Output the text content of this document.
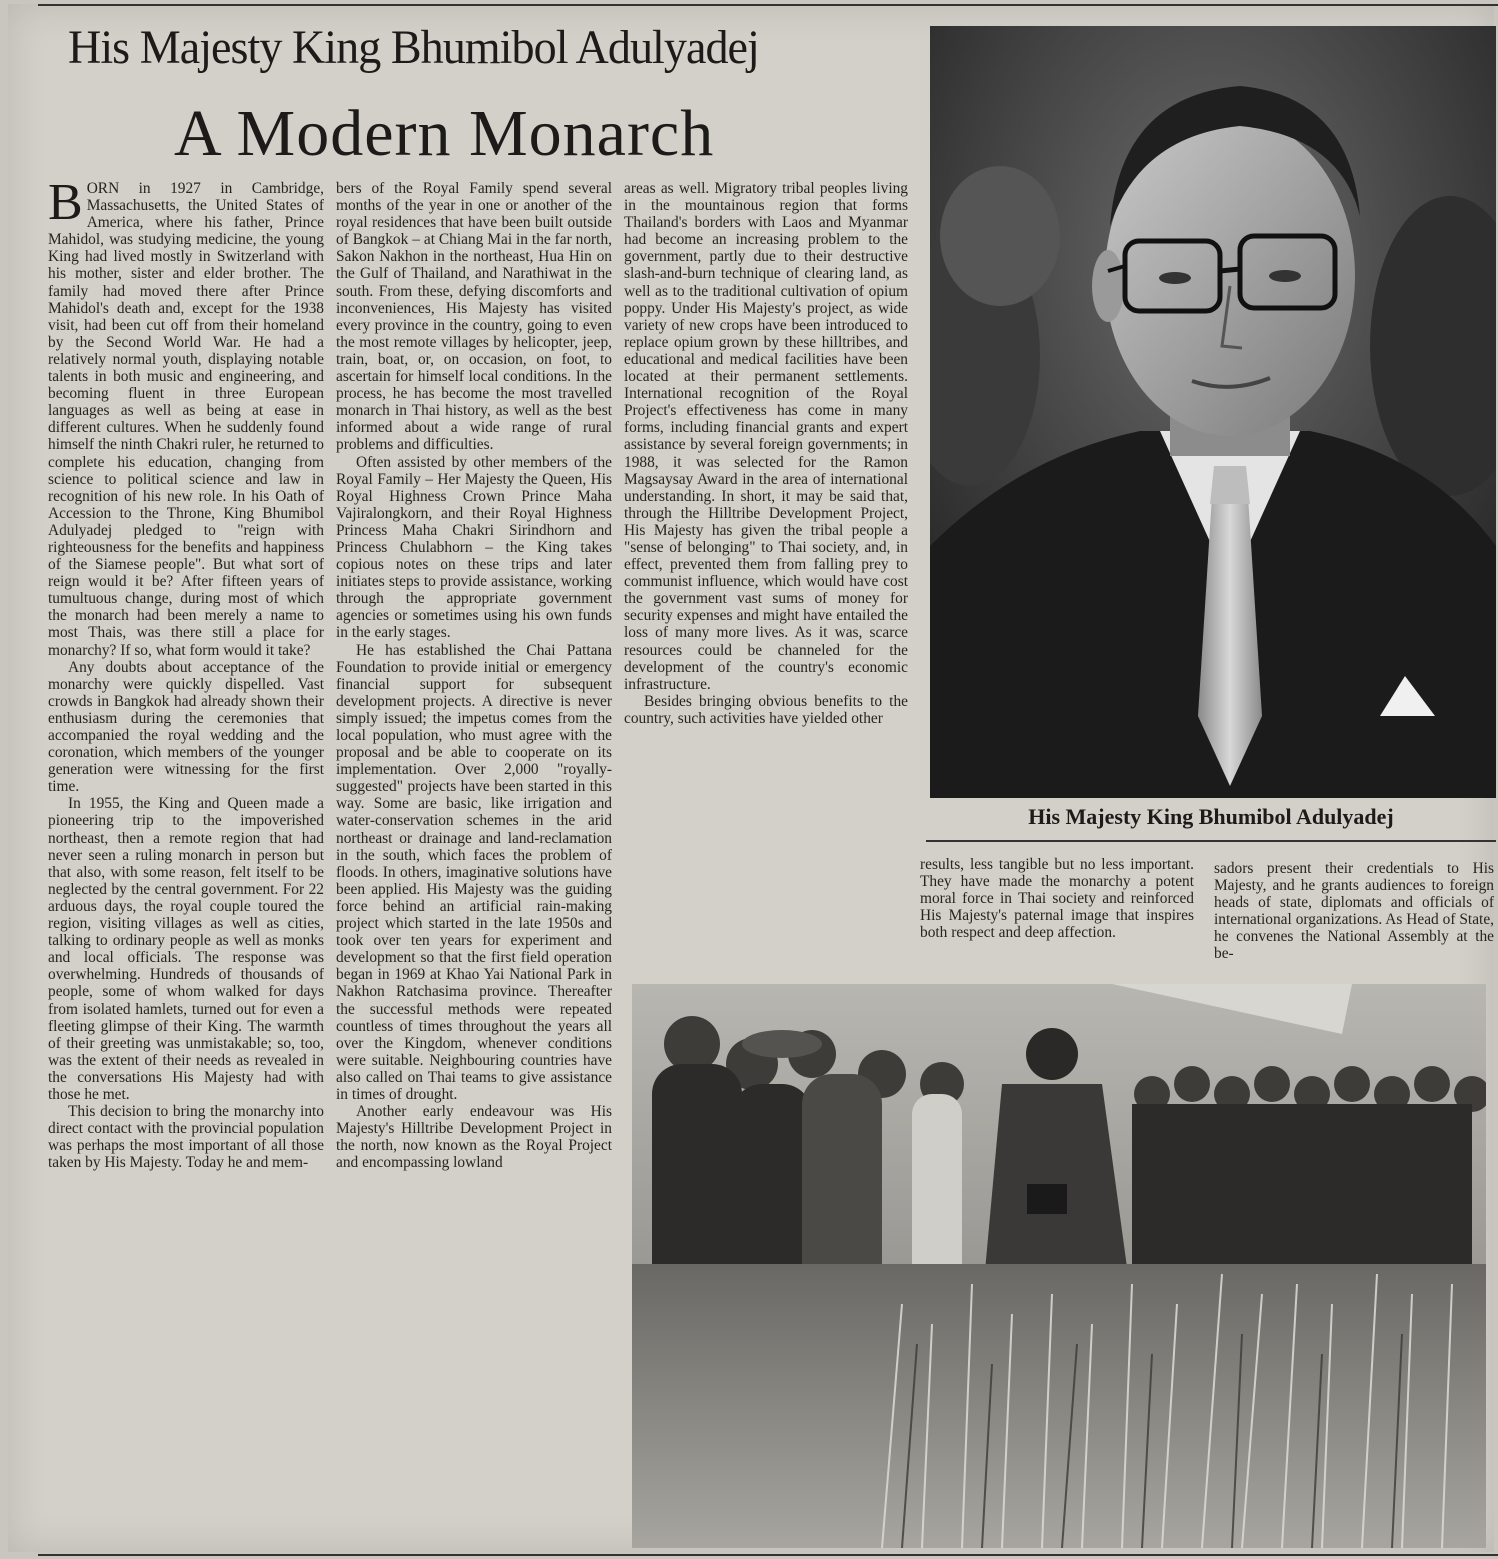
His Majesty King Bhumibol Adulyadej
A Modern Monarch

BORN in 1927 in Cambridge, Massachusetts, the United States of America, where his father, Prince Mahidol, was studying medicine, the young King had lived mostly in Switzerland with his mother, sister and elder brother. The family had moved there after Prince Mahidol's death and, except for the 1938 visit, had been cut off from their homeland by the Second World War. He had a relatively normal youth, displaying notable talents in both music and engineering, and becoming fluent in three European languages as well as being at ease in different cultures. When he suddenly found himself the ninth Chakri ruler, he returned to complete his education, changing from science to political science and law in recognition of his new role. In his Oath of Accession to the Throne, King Bhumibol Adulyadej pledged to "reign with righteousness for the benefits and happiness of the Siamese people". But what sort of reign would it be? After fifteen years of tumultuous change, during most of which the monarch had been merely a name to most Thais, was there still a place for monarchy? If so, what form would it take?

Any doubts about acceptance of the monarchy were quickly dispelled. Vast crowds in Bangkok had already shown their enthusiasm during the ceremonies that accompanied the royal wedding and the coronation, which members of the younger generation were witnessing for the first time.

In 1955, the King and Queen made a pioneering trip to the impoverished northeast, then a remote region that had never seen a ruling monarch in person but that also, with some reason, felt itself to be neglected by the central government. For 22 arduous days, the royal couple toured the region, visiting villages as well as cities, talking to ordinary people as well as monks and local officials. The response was overwhelming. Hundreds of thousands of people, some of whom walked for days from isolated hamlets, turned out for even a fleeting glimpse of their King. The warmth of their greeting was unmistakable; so, too, was the extent of their needs as revealed in the conversations His Majesty had with those he met.

This decision to bring the monarchy into direct contact with the provincial population was perhaps the most important of all those taken by His Majesty. Today he and mem-

bers of the Royal Family spend several months of the year in one or another of the royal residences that have been built outside of Bangkok – at Chiang Mai in the far north, Sakon Nakhon in the northeast, Hua Hin on the Gulf of Thailand, and Narathiwat in the south. From these, defying discomforts and inconveniences, His Majesty has visited every province in the country, going to even the most remote villages by helicopter, jeep, train, boat, or, on occasion, on foot, to ascertain for himself local conditions. In the process, he has become the most travelled monarch in Thai history, as well as the best informed about a wide range of rural problems and difficulties.

Often assisted by other members of the Royal Family – Her Majesty the Queen, His Royal Highness Crown Prince Maha Vajiralongkorn, and their Royal Highness Princess Maha Chakri Sirindhorn and Princess Chulabhorn – the King takes copious notes on these trips and later initiates steps to provide assistance, working through the appropriate government agencies or sometimes using his own funds in the early stages.

He has established the Chai Pattana Foundation to provide initial or emergency financial support for subsequent development projects. A directive is never simply issued; the impetus comes from the local population, who must agree with the proposal and be able to cooperate on its implementation. Over 2,000 "royally-suggested" projects have been started in this way. Some are basic, like irrigation and water-conservation schemes in the arid northeast or drainage and land-reclamation in the south, which faces the problem of floods. In others, imaginative solutions have been applied. His Majesty was the guiding force behind an artificial rain-making project which started in the late 1950s and took over ten years for experiment and development so that the first field operation began in 1969 at Khao Yai National Park in Nakhon Ratchasima province. Thereafter the successful methods were repeated countless of times throughout the years all over the Kingdom, whenever conditions were suitable. Neighbouring countries have also called on Thai teams to give assistance in times of drought.

Another early endeavour was His Majesty's Hilltribe Development Project in the north, now known as the Royal Project and encompassing lowland

areas as well. Migratory tribal peoples living in the mountainous region that forms Thailand's borders with Laos and Myanmar had become an increasing problem to the government, partly due to their destructive slash-and-burn technique of clearing land, as well as to the traditional cultivation of opium poppy. Under His Majesty's project, as wide variety of new crops have been introduced to replace opium grown by these hilltribes, and educational and medical facilities have been located at their permanent settlements. International recognition of the Royal Project's effectiveness has come in many forms, including financial grants and expert assistance by several foreign governments; in 1988, it was selected for the Ramon Magsaysay Award in the area of international understanding. In short, it may be said that, through the Hilltribe Development Project, His Majesty has given the tribal people a "sense of belonging" to Thai society, and, in effect, prevented them from falling prey to communist influence, which would have cost the government vast sums of money for security expenses and might have entailed the loss of many more lives. As it was, scarce resources could be channeled for the development of the country's economic infrastructure.

Besides bringing obvious benefits to the country, such activities have yielded other

His Majesty King Bhumibol Adulyadej

results, less tangible but no less important. They have made the monarchy a potent moral force in Thai society and reinforced His Majesty's paternal image that inspires both respect and deep affection.

sadors present their credentials to His Majesty, and he grants audiences to foreign heads of state, diplomats and officials of international organizations. As Head of State, he convenes the National Assembly at the be-
